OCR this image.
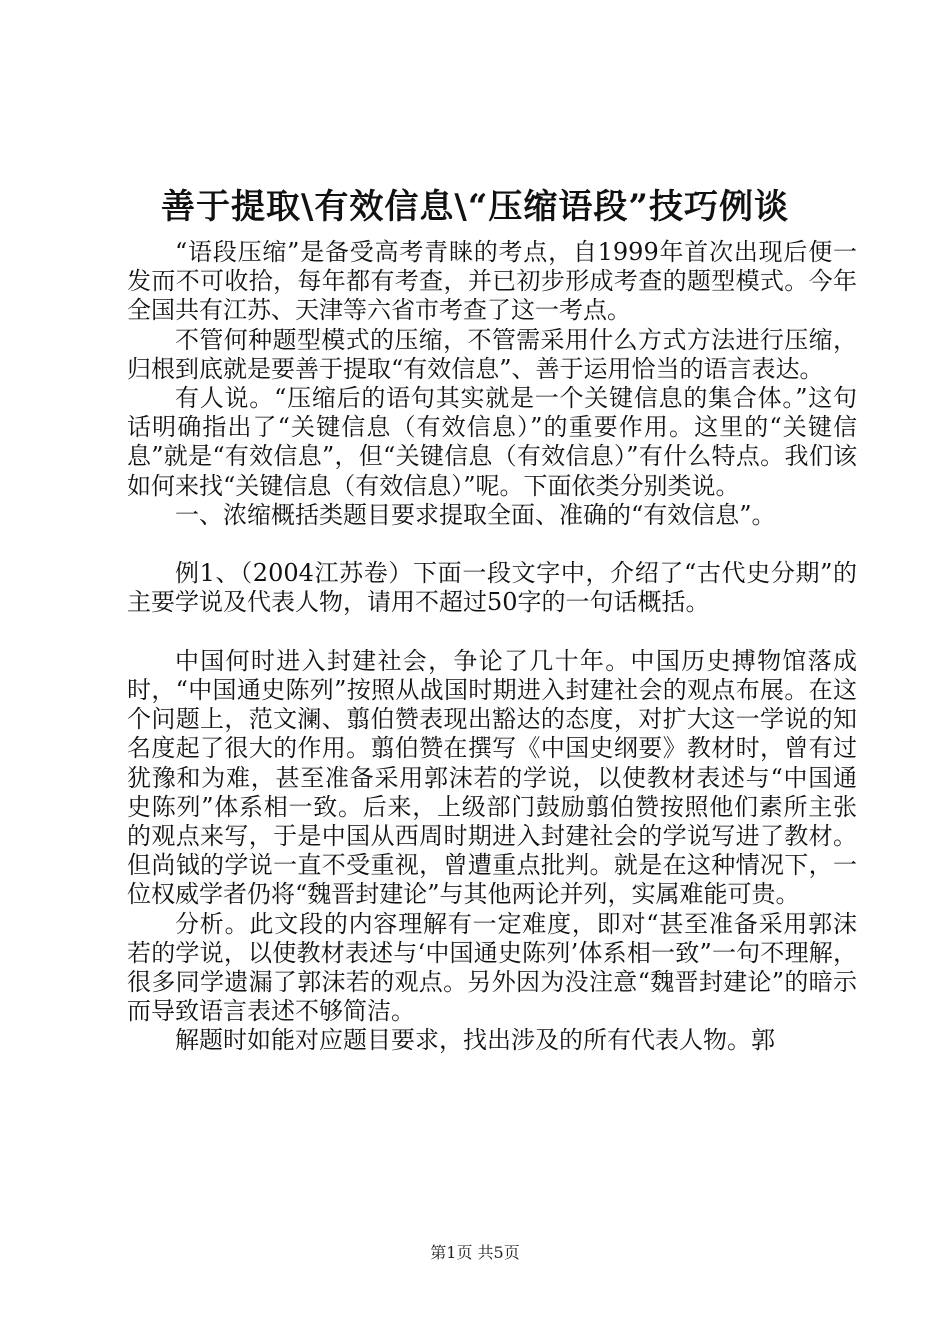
善于提取\有效信息\“压缩语段”技巧例谈

“语段压缩”是备受高考青睐的考点，自1999年首次出现后便一发而不可收拾，每年都有考查，并已初步形成考查的题型模式。今年全国共有江苏、天津等六省市考查了这一考点。

不管何种题型模式的压缩，不管需采用什么方式方法进行压缩，归根到底就是要善于提取“有效信息”、善于运用恰当的语言表达。

有人说。“压缩后的语句其实就是一个关键信息的集合体。”这句话明确指出了“关键信息（有效信息）”的重要作用。这里的“关键信息”就是“有效信息”，但“关键信息（有效信息）”有什么特点。我们该如何来找“关键信息（有效信息）”呢。下面依类分别类说。

一、浓缩概括类题目要求提取全面、准确的“有效信息”。

例1、（2004江苏卷）下面一段文字中，介绍了“古代史分期”的主要学说及代表人物，请用不超过50字的一句话概括。

中国何时进入封建社会，争论了几十年。中国历史搏物馆落成时，“中国通史陈列”按照从战国时期进入封建社会的观点布展。在这个问题上，范文澜、翦伯赞表现出豁达的态度，对扩大这一学说的知名度起了很大的作用。翦伯赞在撰写《中国史纲要》教材时，曾有过犹豫和为难，甚至准备采用郭沫若的学说，以使教材表述与“中国通史陈列”体系相一致。后来，上级部门鼓励翦伯赞按照他们素所主张的观点来写，于是中国从西周时期进入封建社会的学说写进了教材。但尚钺的学说一直不受重视，曾遭重点批判。就是在这种情况下，一位权威学者仍将“魏晋封建论”与其他两论并列，实属难能可贵。

分析。此文段的内容理解有一定难度，即对“甚至准备采用郭沫若的学说，以使教材表述与‘中国通史陈列’体系相一致”一句不理解，很多同学遗漏了郭沫若的观点。另外因为没注意“魏晋封建论”的暗示而导致语言表述不够简洁。

解题时如能对应题目要求，找出涉及的所有代表人物。郭

第1页 共5页
